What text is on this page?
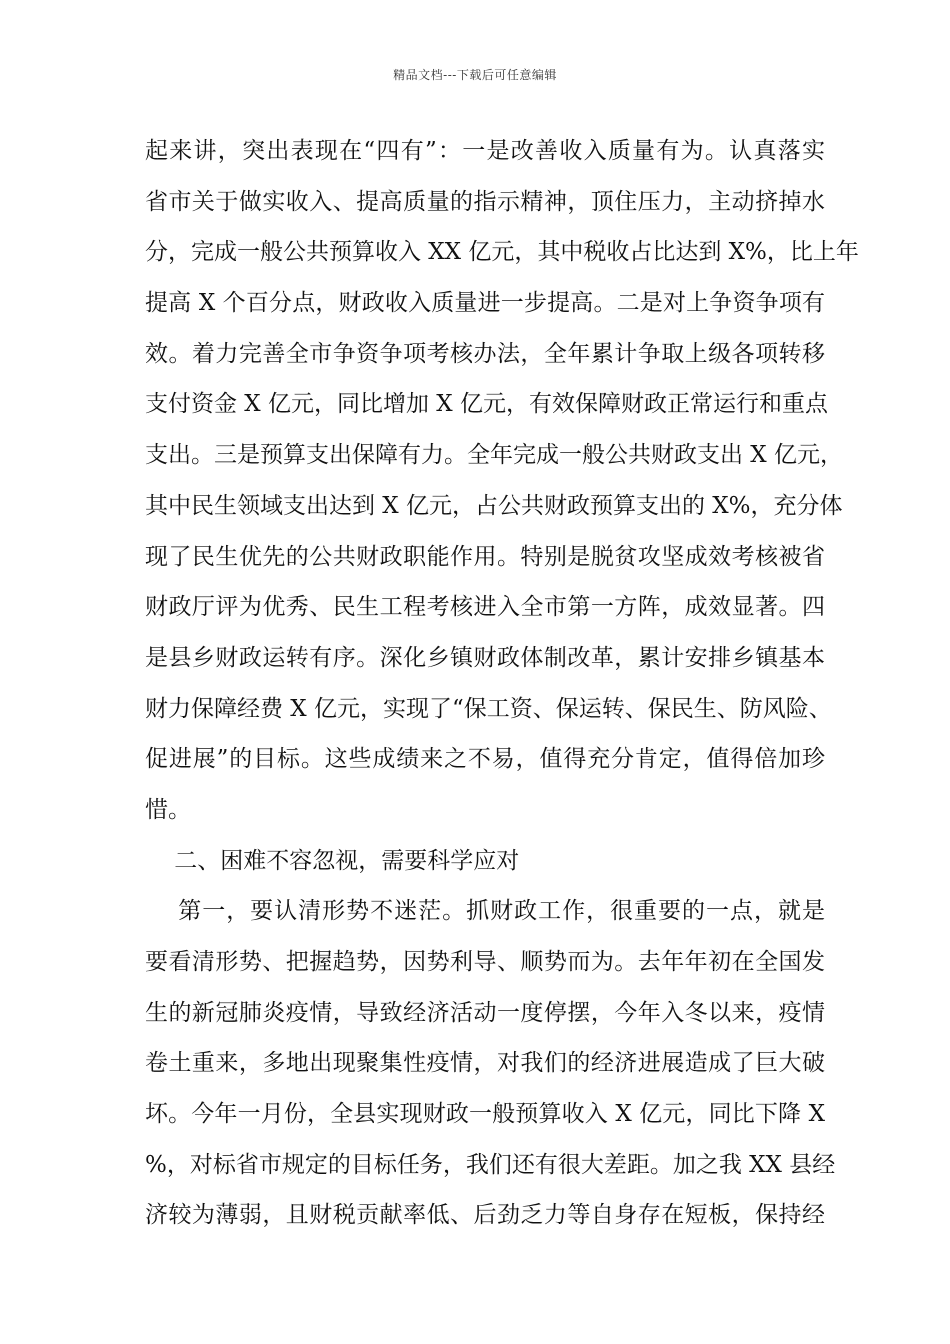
精品文档---下载后可任意编辑
起来讲，突出表现在“四有”：一是改善收入质量有为。认真落实
省市关于做实收入、提高质量的指示精神，顶住压力，主动挤掉水
分，完成一般公共预算收入 XX 亿元，其中税收占比达到 X%，比上年
提高 X 个百分点，财政收入质量进一步提高。二是对上争资争项有
效。着力完善全市争资争项考核办法，全年累计争取上级各项转移
支付资金 X 亿元，同比增加 X 亿元，有效保障财政正常运行和重点
支出。三是预算支出保障有力。全年完成一般公共财政支出 X 亿元，
其中民生领域支出达到 X 亿元，占公共财政预算支出的 X%，充分体
现了民生优先的公共财政职能作用。特别是脱贫攻坚成效考核被省
财政厅评为优秀、民生工程考核进入全市第一方阵，成效显著。四
是县乡财政运转有序。深化乡镇财政体制改革，累计安排乡镇基本
财力保障经费 X 亿元，实现了“保工资、保运转、保民生、防风险、
促进展”的目标。这些成绩来之不易，值得充分肯定，值得倍加珍
惜。
二、困难不容忽视，需要科学应对
第一，要认清形势不迷茫。抓财政工作，很重要的一点，就是
要看清形势、把握趋势，因势利导、顺势而为。去年年初在全国发
生的新冠肺炎疫情，导致经济活动一度停摆，今年入冬以来，疫情
卷土重来，多地出现聚集性疫情，对我们的经济进展造成了巨大破
坏。今年一月份，全县实现财政一般预算收入 X 亿元，同比下降 X
%，对标省市规定的目标任务，我们还有很大差距。加之我 XX 县经
济较为薄弱，且财税贡献率低、后劲乏力等自身存在短板，保持经
